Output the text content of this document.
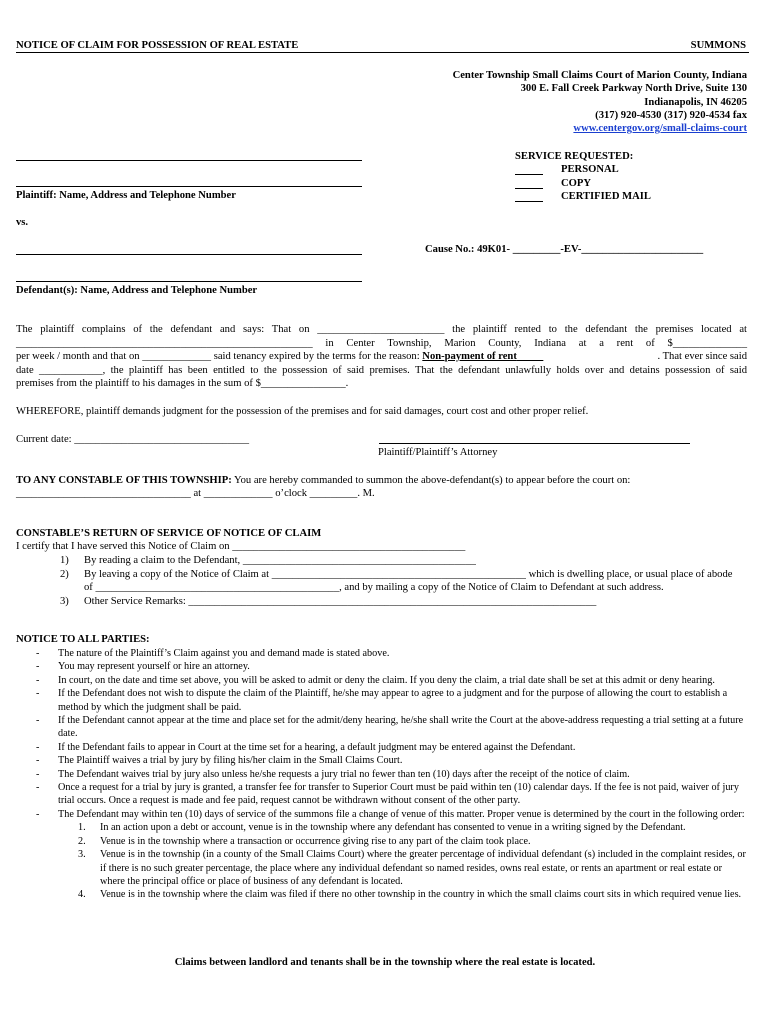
NOTICE OF CLAIM FOR POSSESSION OF REAL ESTATE	SUMMONS
Center Township Small Claims Court of Marion County, Indiana
300 E. Fall Creek Parkway North Drive, Suite 130
Indianapolis, IN 46205
(317) 920-4530 (317) 920-4534 fax
www.centergov.org/small-claims-court
Plaintiff: Name, Address and Telephone Number
SERVICE REQUESTED:
PERSONAL
COPY
CERTIFIED MAIL
vs.
Defendant(s): Name, Address and Telephone Number
Cause No.: 49K01- _________-EV-_______________________
The plaintiff complains of the defendant and says: That on ________________________ the plaintiff rented to the defendant the premises located at
________________________________________________________ in Center Township, Marion County, Indiana at a rent of $______________
per week / month and that on _____________ said tenancy expired by the terms for the reason: Non-payment of rent	. That ever since said
date ____________, the plaintiff has been entitled to the possession of said premises. That the defendant unlawfully holds over and detains possession of said
premises from the plaintiff to his damages in the sum of $________________.
WHEREFORE, plaintiff demands judgment for the possession of the premises and for said damages, court cost and other proper relief.
Current date: _________________________________
Plaintiff/Plaintiff’s Attorney
TO ANY CONSTABLE OF THIS TOWNSHIP: You are hereby commanded to summon the above-defendant(s) to appear before the court on:
_________________________________ at _____________ o’clock _________. M.
CONSTABLE’S RETURN OF SERVICE OF NOTICE OF CLAIM
I certify that I have served this Notice of Claim on ____________________________________________
1)	By reading a claim to the Defendant, ____________________________________________
2)	By leaving a copy of the Notice of Claim at ________________________________________________ which is dwelling place, or usual place of abode of ______________________________________________, and by mailing a copy of the Notice of Claim to Defendant at such address.
3)	Other Service Remarks: _____________________________________________________________________________
NOTICE TO ALL PARTIES:
-	The nature of the Plaintiff’s Claim against you and demand made is stated above.
-	You may represent yourself or hire an attorney.
-	In court, on the date and time set above, you will be asked to admit or deny the claim. If you deny the claim, a trial date shall be set at this admit or deny hearing.
-	If the Defendant does not wish to dispute the claim of the Plaintiff, he/she may appear to agree to a judgment and for the purpose of allowing the court to establish a method by which the judgment shall be paid.
-	If the Defendant cannot appear at the time and place set for the admit/deny hearing, he/she shall write the Court at the above-address requesting a trial setting at a future date.
-	If the Defendant fails to appear in Court at the time set for a hearing, a default judgment may be entered against the Defendant.
-	The Plaintiff waives a trial by jury by filing his/her claim in the Small Claims Court.
-	The Defendant waives trial by jury also unless he/she requests a jury trial no fewer than ten (10) days after the receipt of the notice of claim.
-	Once a request for a trial by jury is granted, a transfer fee for transfer to Superior Court must be paid within ten (10) calendar days. If the fee is not paid, waiver of jury trial occurs. Once a request is made and fee paid, request cannot be withdrawn without consent of the other party.
-	The Defendant may within ten (10) days of service of the summons file a change of venue of this matter. Proper venue is determined by the court in the following order:
1.	In an action upon a debt or account, venue is in the township where any defendant has consented to venue in a writing signed by the Defendant.
2.	Venue is in the township where a transaction or occurrence giving rise to any part of the claim took place.
3.	Venue is in the township (in a county of the Small Claims Court) where the greater percentage of individual defendant (s) included in the complaint resides, or if there is no such greater percentage, the place where any individual defendant so named resides, owns real estate, or rents an apartment or real estate or where the principal office or place of business of any defendant is located.
4.	Venue is in the township where the claim was filed if there no other township in the country in which the small claims court sits in which required venue lies.
Claims between landlord and tenants shall be in the township where the real estate is located.
